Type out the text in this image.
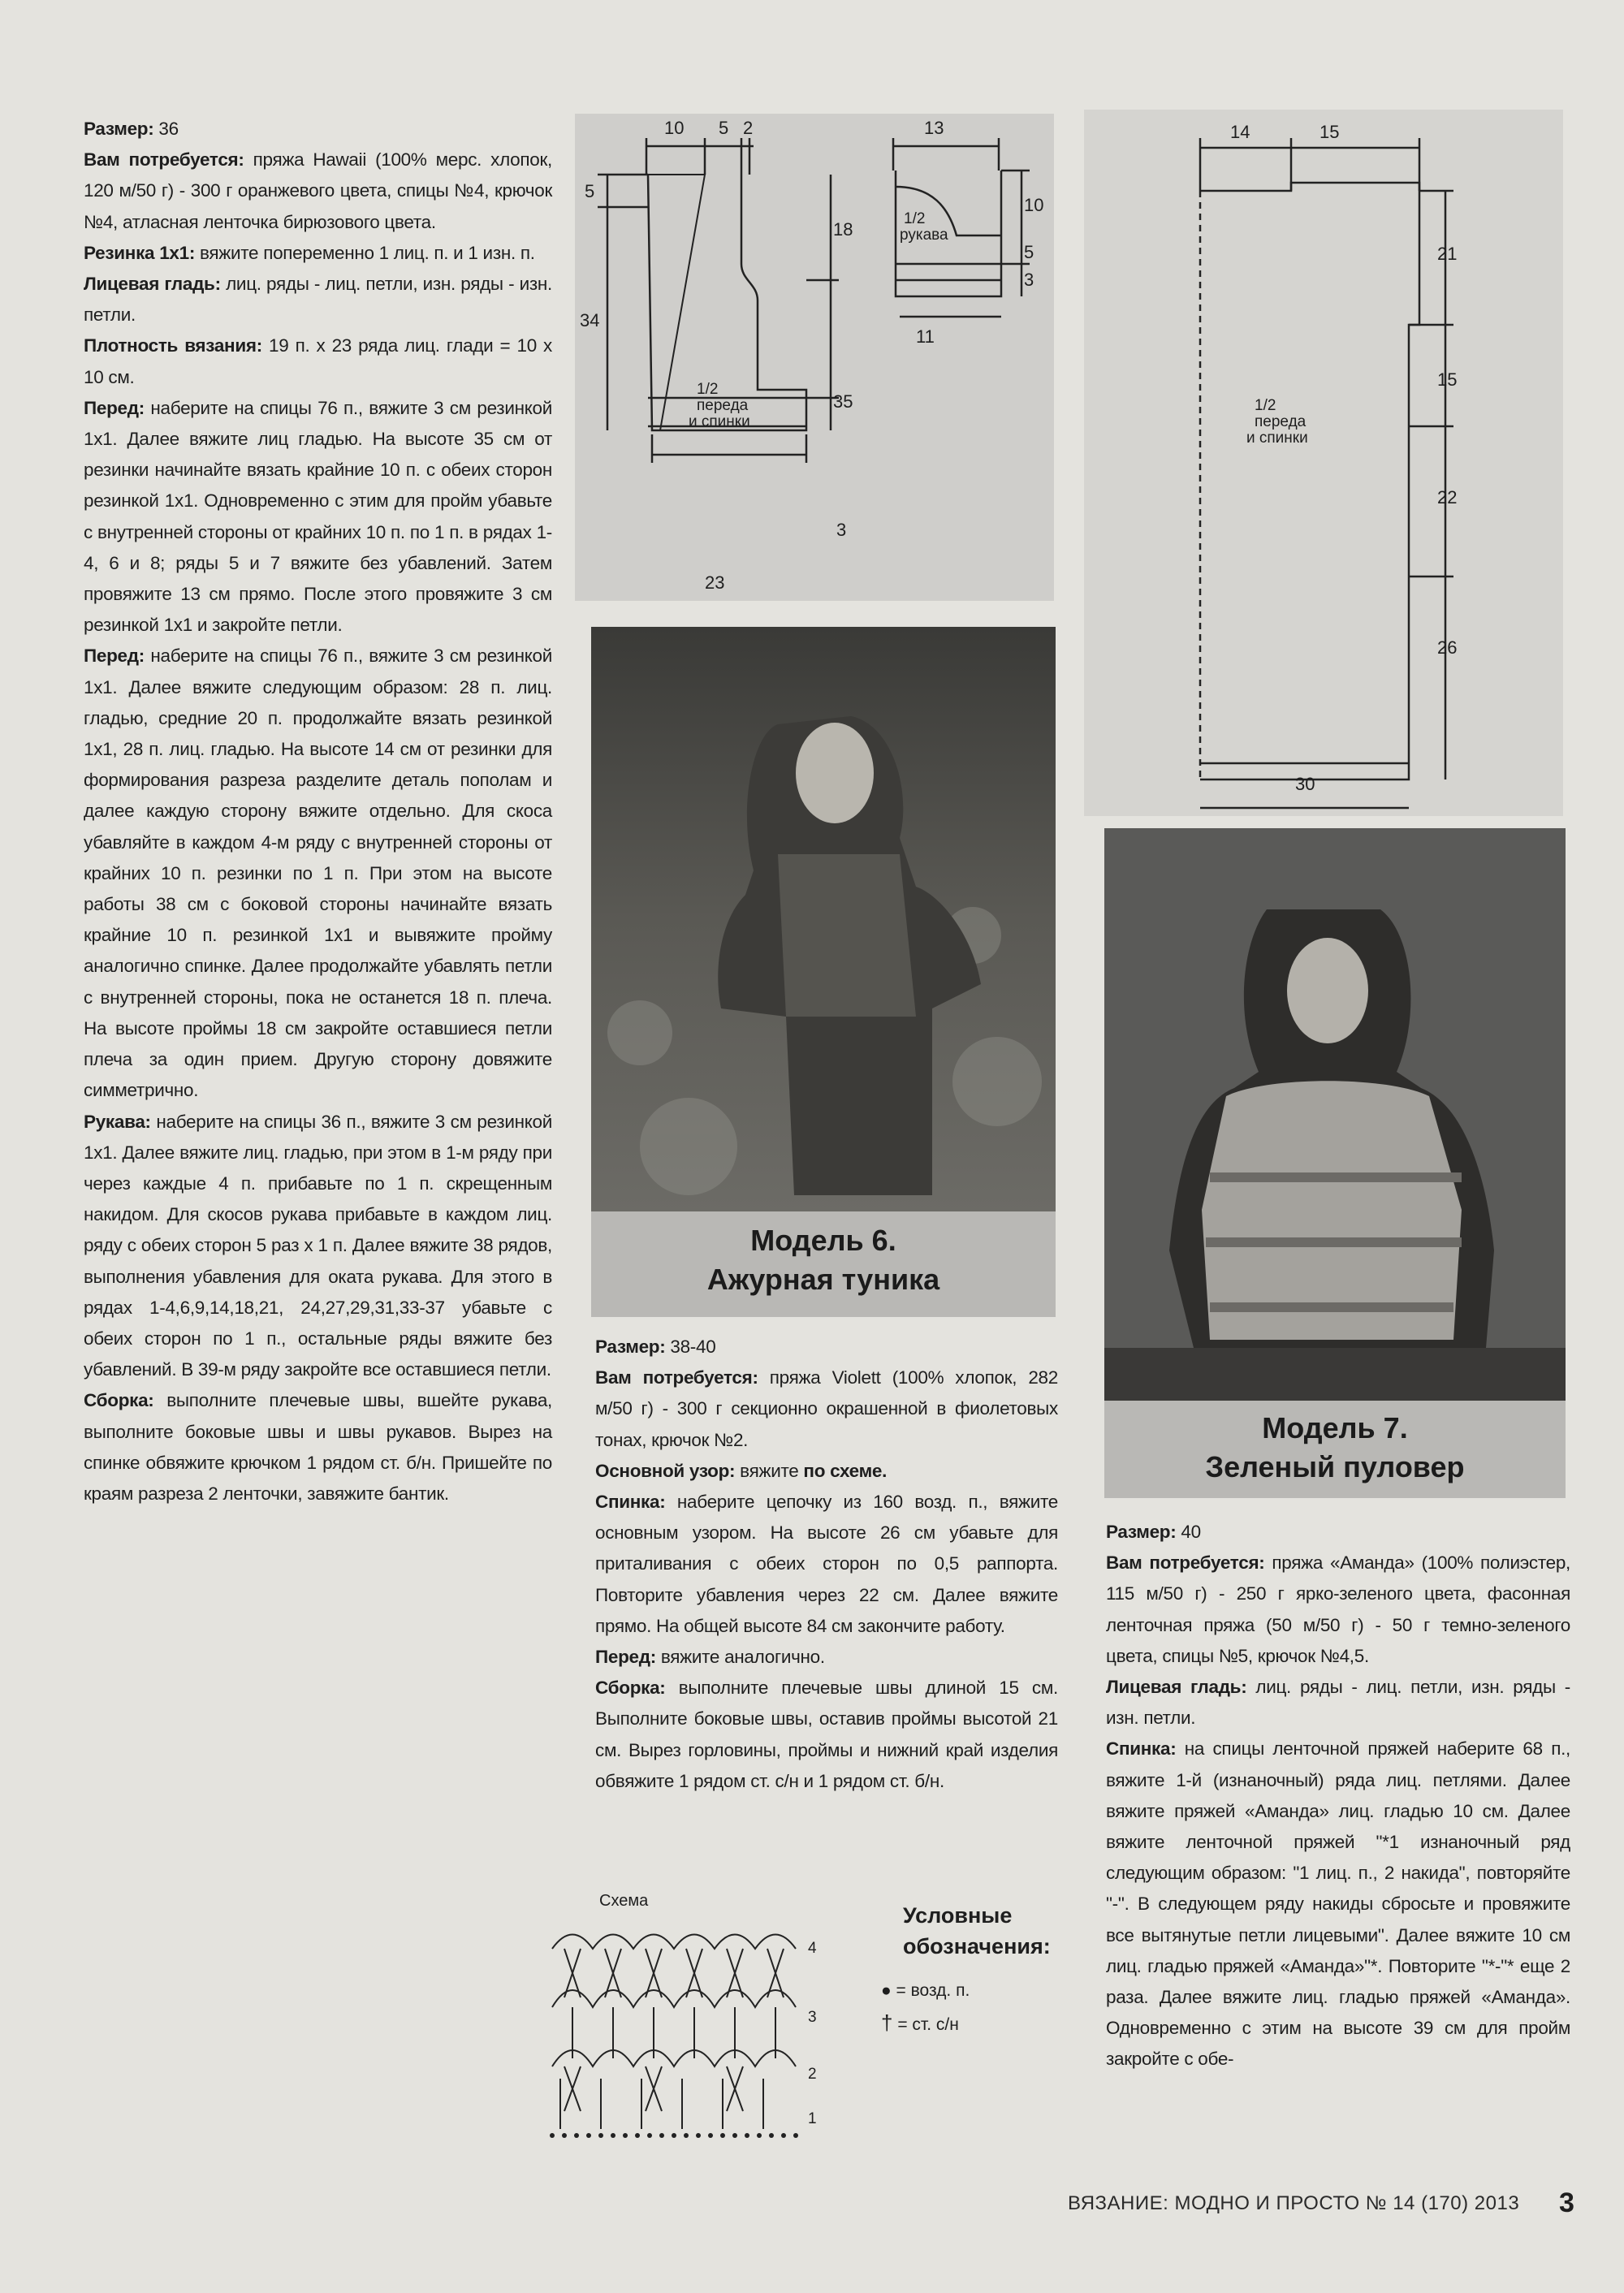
Размер: 36

Вам потребуется: пряжа Hawaii (100% мерс. хлопок, 120 м/50 г) - 300 г оранжевого цвета, спицы №4, крючок №4, атласная ленточка бирюзового цвета.

Резинка 1х1: вяжите попеременно 1 лиц. п. и 1 изн. п.

Лицевая гладь: лиц. ряды - лиц. петли, изн. ряды - изн. петли.

Плотность вязания: 19 п. х 23 ряда лиц. глади = 10 х 10 см.

Перед: наберите на спицы 76 п., вяжите 3 см резинкой 1х1. Далее вяжите лиц гладью. На высоте 35 см от резинки начинайте вязать крайние 10 п. с обеих сторон резинкой 1х1. Одновременно с этим для пройм убавьте с внутренней стороны от крайних 10 п. по 1 п. в рядах 1-4, 6 и 8; ряды 5 и 7 вяжите без убавлений. Затем провяжите 13 см прямо. После этого провяжите 3 см резинкой 1х1 и закройте петли.

Перед: наберите на спицы 76 п., вяжите 3 см резинкой 1х1. Далее вяжите следующим образом: 28 п. лиц. гладью, средние 20 п. продолжайте вязать резинкой 1х1, 28 п. лиц. гладью. На высоте 14 см от резинки для формирования разреза разделите деталь пополам и далее каждую сторону вяжите отдельно. Для скоса убавляйте в каждом 4-м ряду с внутренней стороны от крайних 10 п. резинки по 1 п. При этом на высоте работы 38 см с боковой стороны начинайте вязать крайние 10 п. резинкой 1х1 и вывяжите пройму аналогично спинке. Далее продолжайте убавлять петли с внутренней стороны, пока не останется 18 п. плеча. На высоте проймы 18 см закройте оставшиеся петли плеча за один прием. Другую сторону довяжите симметрично.

Рукава: наберите на спицы 36 п., вяжите 3 см резинкой 1х1. Далее вяжите лиц. гладью, при этом в 1-м ряду при через каждые 4 п. прибавьте по 1 п. скрещенным накидом. Для скосов рукава прибавьте в каждом лиц. ряду с обеих сторон 5 раз х 1 п. Далее вяжите 38 рядов, выполнения убавления для оката рукава. Для этого в рядах 1-4,6,9,14,18,21, 24,27,29,31,33-37 убавьте с обеих сторон по 1 п., остальные ряды вяжите без убавлений. В 39-м ряду закройте все оставшиеся петли.

Сборка: выполните плечевые швы, вшейте рукава, выполните боковые швы и швы рукавов. Вырез на спинке обвяжите крючком 1 рядом ст. б/н. Пришейте по краям разреза 2 ленточки, завяжите бантик.

10 5 2
5
34
18
35
3
23
1/2
переда
и спинки
13
10
5
3
11
1/2
рукава
Модель 6.
Ажурная туника

Размер: 38-40

Вам потребуется: пряжа Violett (100% хлопок, 282 м/50 г) - 300 г секционно окрашенной в фиолетовых тонах, крючок №2.

Основной узор: вяжите по схеме.

Спинка: наберите цепочку из 160 возд. п., вяжите основным узором. На высоте 26 см убавьте для приталивания с обеих сторон по 0,5 раппорта. Повторите убавления через 22 см. Далее вяжите прямо. На общей высоте 84 см закончите работу.

Перед: вяжите аналогично.

Сборка: выполните плечевые швы длиной 15 см. Выполните боковые швы, оставив проймы высотой 21 см. Вырез горловины, проймы и нижний край изделия обвяжите 1 рядом ст. с/н и 1 рядом ст. б/н.

Схема
4
3
2
1
Условные
обозначения:
● = возд. п.
† = ст. с/н
14	15
21
15
22
26
30
1/2
переда
и спинки
Модель 7.
Зеленый пуловер

Размер: 40

Вам потребуется: пряжа «Аманда» (100% полиэстер, 115 м/50 г) - 250 г ярко-зеленого цвета, фасонная ленточная пряжа (50 м/50 г) - 50 г темно-зеленого цвета, спицы №5, крючок №4,5.

Лицевая гладь: лиц. ряды - лиц. петли, изн. ряды - изн. петли.

Спинка: на спицы ленточной пряжей наберите 68 п., вяжите 1-й (изнаночный) ряда лиц. петлями. Далее вяжите пряжей «Аманда» лиц. гладью 10 см. Далее вяжите ленточной пряжей "*1 изнаночный ряд следующим образом: "1 лиц. п., 2 накида", повторяйте "-". В следующем ряду накиды сбросьте и провяжите все вытянутые петли лицевыми". Далее вяжите 10 см лиц. гладью пряжей «Аманда»"*. Повторите "*-"* еще 2 раза. Далее вяжите лиц. гладью пряжей «Аманда». Одновременно с этим на высоте 39 см для пройм закройте с обе-

ВЯЗАНИЕ: МОДНО И ПРОСТО № 14 (170) 2013 3
